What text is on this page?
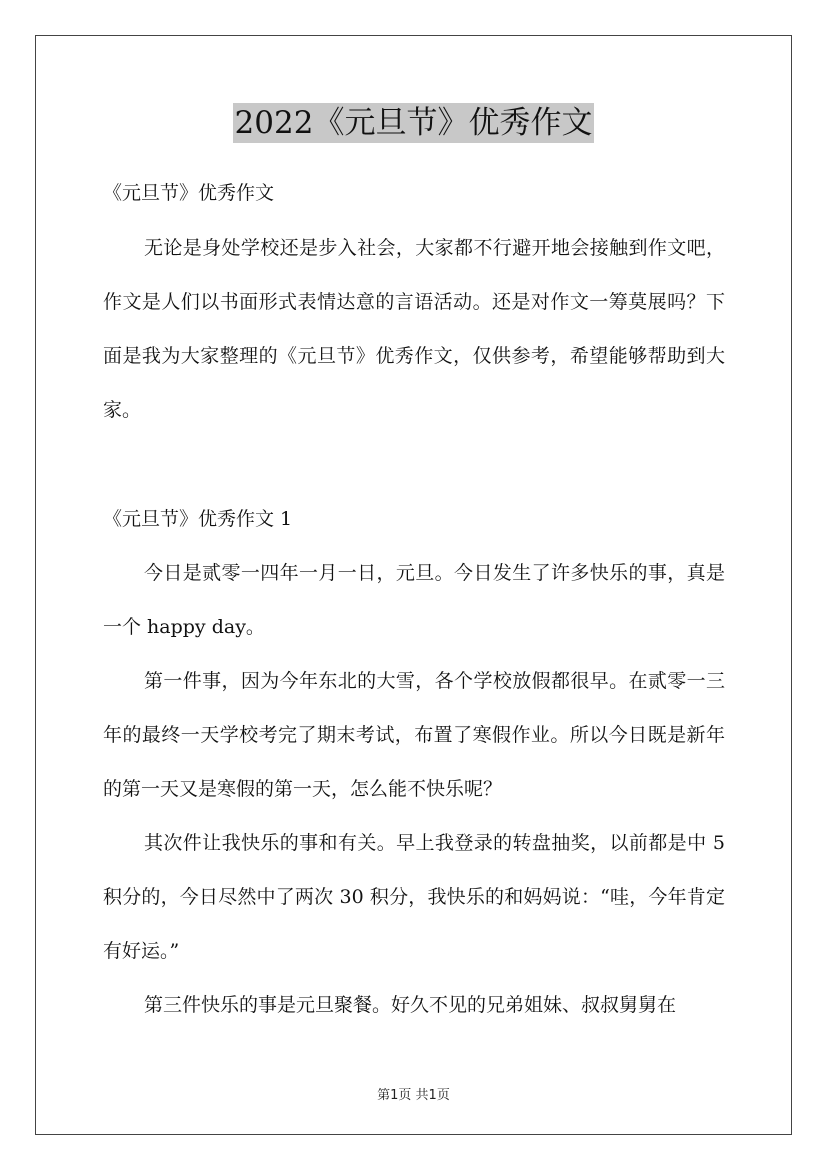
2022《元旦节》优秀作文
《元旦节》优秀作文

无论是身处学校还是步入社会，大家都不行避开地会接触到作文吧，作文是人们以书面形式表情达意的言语活动。还是对作文一筹莫展吗？下面是我为大家整理的《元旦节》优秀作文，仅供参考，希望能够帮助到大家。

《元旦节》优秀作文 1

今日是贰零一四年一月一日，元旦。今日发生了许多快乐的事，真是一个 happy day。

第一件事，因为今年东北的大雪，各个学校放假都很早。在贰零一三年的最终一天学校考完了期末考试，布置了寒假作业。所以今日既是新年的第一天又是寒假的第一天，怎么能不快乐呢？

其次件让我快乐的事和有关。早上我登录的转盘抽奖，以前都是中 5 积分的，今日尽然中了两次 30 积分，我快乐的和妈妈说：“哇，今年肯定有好运。”

第三件快乐的事是元旦聚餐。好久不见的兄弟姐妹、叔叔舅舅在

第1页 共1页
